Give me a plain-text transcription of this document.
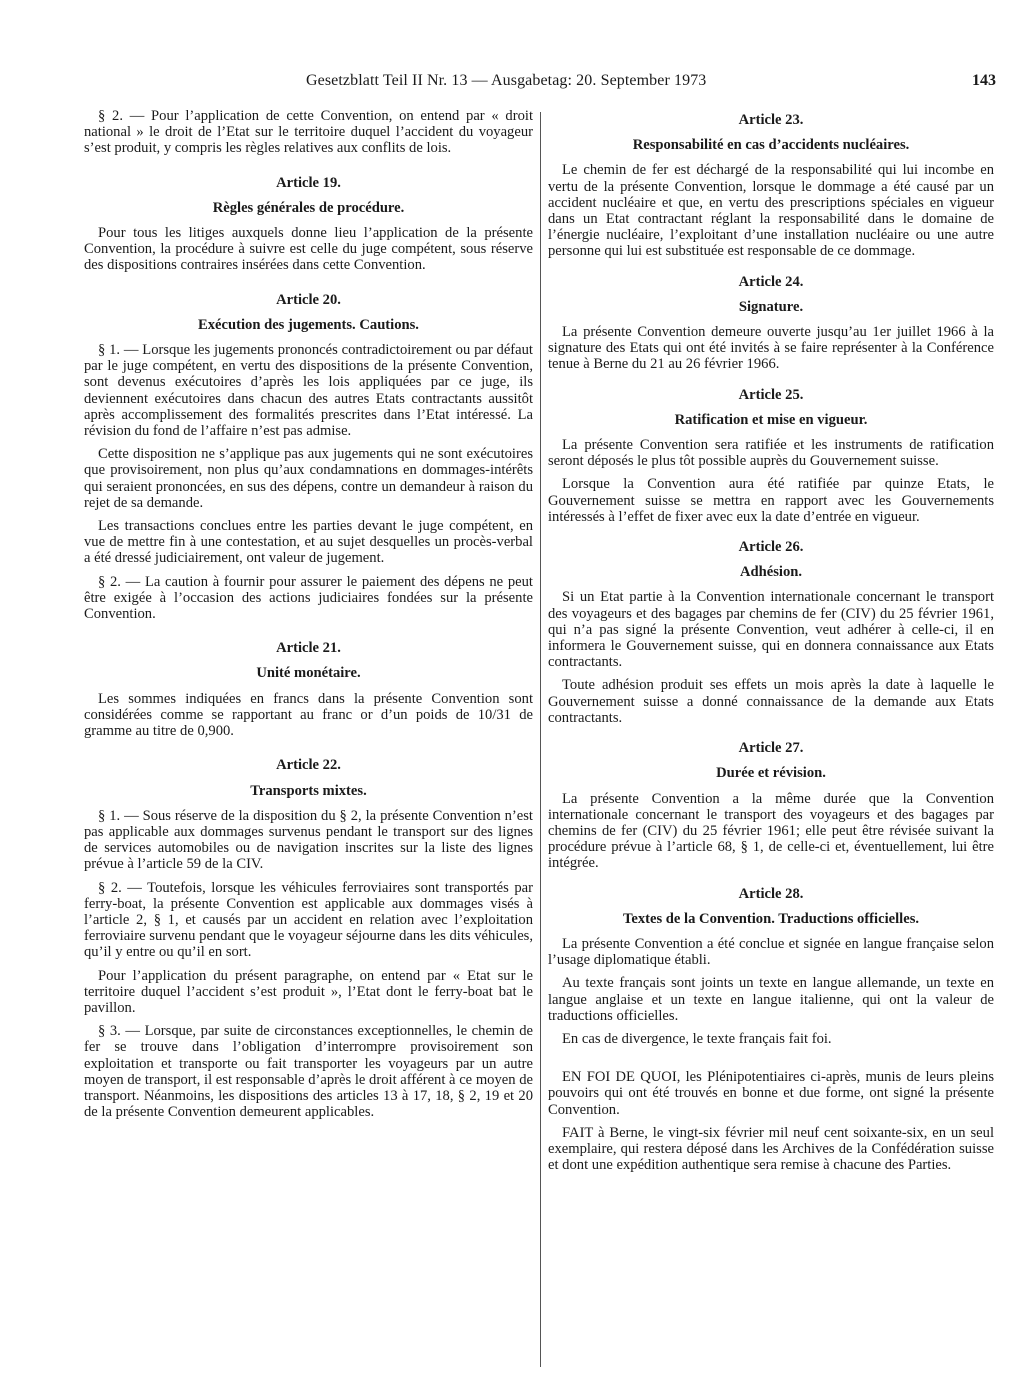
Gesetzblatt Teil II Nr. 13 — Ausgabetag: 20. September 1973	143

§ 2. — Pour l’application de cette Convention, on entend par « droit national » le droit de l’Etat sur le territoire duquel l’accident du voyageur s’est produit, y compris les règles relatives aux conflits de lois.

Article 19.
Règles générales de procédure.

Pour tous les litiges auxquels donne lieu l’application de la présente Convention, la procédure à suivre est celle du juge compétent, sous réserve des dispositions contraires insérées dans cette Convention.

Article 20.
Exécution des jugements. Cautions.

§ 1. — Lorsque les jugements prononcés contradictoirement ou par défaut par le juge compétent, en vertu des dispositions de la présente Convention, sont devenus exécutoires d’après les lois appliquées par ce juge, ils deviennent exécutoires dans chacun des autres Etats contractants aussitôt après accomplissement des formalités prescrites dans l’Etat intéressé. La révision du fond de l’affaire n’est pas admise.

Cette disposition ne s’applique pas aux jugements qui ne sont exécutoires que provisoirement, non plus qu’aux condamnations en dommages-intérêts qui seraient prononcées, en sus des dépens, contre un demandeur à raison du rejet de sa demande.

Les transactions conclues entre les parties devant le juge compétent, en vue de mettre fin à une contestation, et au sujet desquelles un procès-verbal a été dressé judiciairement, ont valeur de jugement.

§ 2. — La caution à fournir pour assurer le paiement des dépens ne peut être exigée à l’occasion des actions judiciaires fondées sur la présente Convention.

Article 21.
Unité monétaire.

Les sommes indiquées en francs dans la présente Convention sont considérées comme se rapportant au franc or d’un poids de 10/31 de gramme au titre de 0,900.

Article 22.
Transports mixtes.

§ 1. — Sous réserve de la disposition du § 2, la présente Convention n’est pas applicable aux dommages survenus pendant le transport sur des lignes de services automobiles ou de navigation inscrites sur la liste des lignes prévue à l’article 59 de la CIV.

§ 2. — Toutefois, lorsque les véhicules ferroviaires sont transportés par ferry-boat, la présente Convention est applicable aux dommages visés à l’article 2, § 1, et causés par un accident en relation avec l’exploitation ferroviaire survenu pendant que le voyageur séjourne dans les dits véhicules, qu’il y entre ou qu’il en sort.

Pour l’application du présent paragraphe, on entend par « Etat sur le territoire duquel l’accident s’est produit », l’Etat dont le ferry-boat bat le pavillon.

§ 3. — Lorsque, par suite de circonstances exceptionnelles, le chemin de fer se trouve dans l’obligation d’interrompre provisoirement son exploitation et transporte ou fait transporter les voyageurs par un autre moyen de transport, il est responsable d’après le droit afférent à ce moyen de transport. Néanmoins, les dispositions des articles 13 à 17, 18, § 2, 19 et 20 de la présente Convention demeurent applicables.

Article 23.
Responsabilité en cas d’accidents nucléaires.

Le chemin de fer est déchargé de la responsabilité qui lui incombe en vertu de la présente Convention, lorsque le dommage a été causé par un accident nucléaire et que, en vertu des prescriptions spéciales en vigueur dans un Etat contractant réglant la responsabilité dans le domaine de l’énergie nucléaire, l’exploitant d’une installation nucléaire ou une autre personne qui lui est substituée est responsable de ce dommage.

Article 24.
Signature.

La présente Convention demeure ouverte jusqu’au 1er juillet 1966 à la signature des Etats qui ont été invités à se faire représenter à la Conférence tenue à Berne du 21 au 26 février 1966.

Article 25.
Ratification et mise en vigueur.

La présente Convention sera ratifiée et les instruments de ratification seront déposés le plus tôt possible auprès du Gouvernement suisse.

Lorsque la Convention aura été ratifiée par quinze Etats, le Gouvernement suisse se mettra en rapport avec les Gouvernements intéressés à l’effet de fixer avec eux la date d’entrée en vigueur.

Article 26.
Adhésion.

Si un Etat partie à la Convention internationale concernant le transport des voyageurs et des bagages par chemins de fer (CIV) du 25 février 1961, qui n’a pas signé la présente Convention, veut adhérer à celle-ci, il en informera le Gouvernement suisse, qui en donnera connaissance aux Etats contractants.

Toute adhésion produit ses effets un mois après la date à laquelle le Gouvernement suisse a donné connaissance de la demande aux Etats contractants.

Article 27.
Durée et révision.

La présente Convention a la même durée que la Convention internationale concernant le transport des voyageurs et des bagages par chemins de fer (CIV) du 25 février 1961; elle peut être révisée suivant la procédure prévue à l’article 68, § 1, de celle-ci et, éventuellement, lui être intégrée.

Article 28.
Textes de la Convention. Traductions officielles.

La présente Convention a été conclue et signée en langue française selon l’usage diplomatique établi.

Au texte français sont joints un texte en langue allemande, un texte en langue anglaise et un texte en langue italienne, qui ont la valeur de traductions officielles.

En cas de divergence, le texte français fait foi.

EN FOI DE QUOI, les Plénipotentiaires ci-après, munis de leurs pleins pouvoirs qui ont été trouvés en bonne et due forme, ont signé la présente Convention.

FAIT à Berne, le vingt-six février mil neuf cent soixante-six, en un seul exemplaire, qui restera déposé dans les Archives de la Confédération suisse et dont une expédition authentique sera remise à chacune des Parties.
